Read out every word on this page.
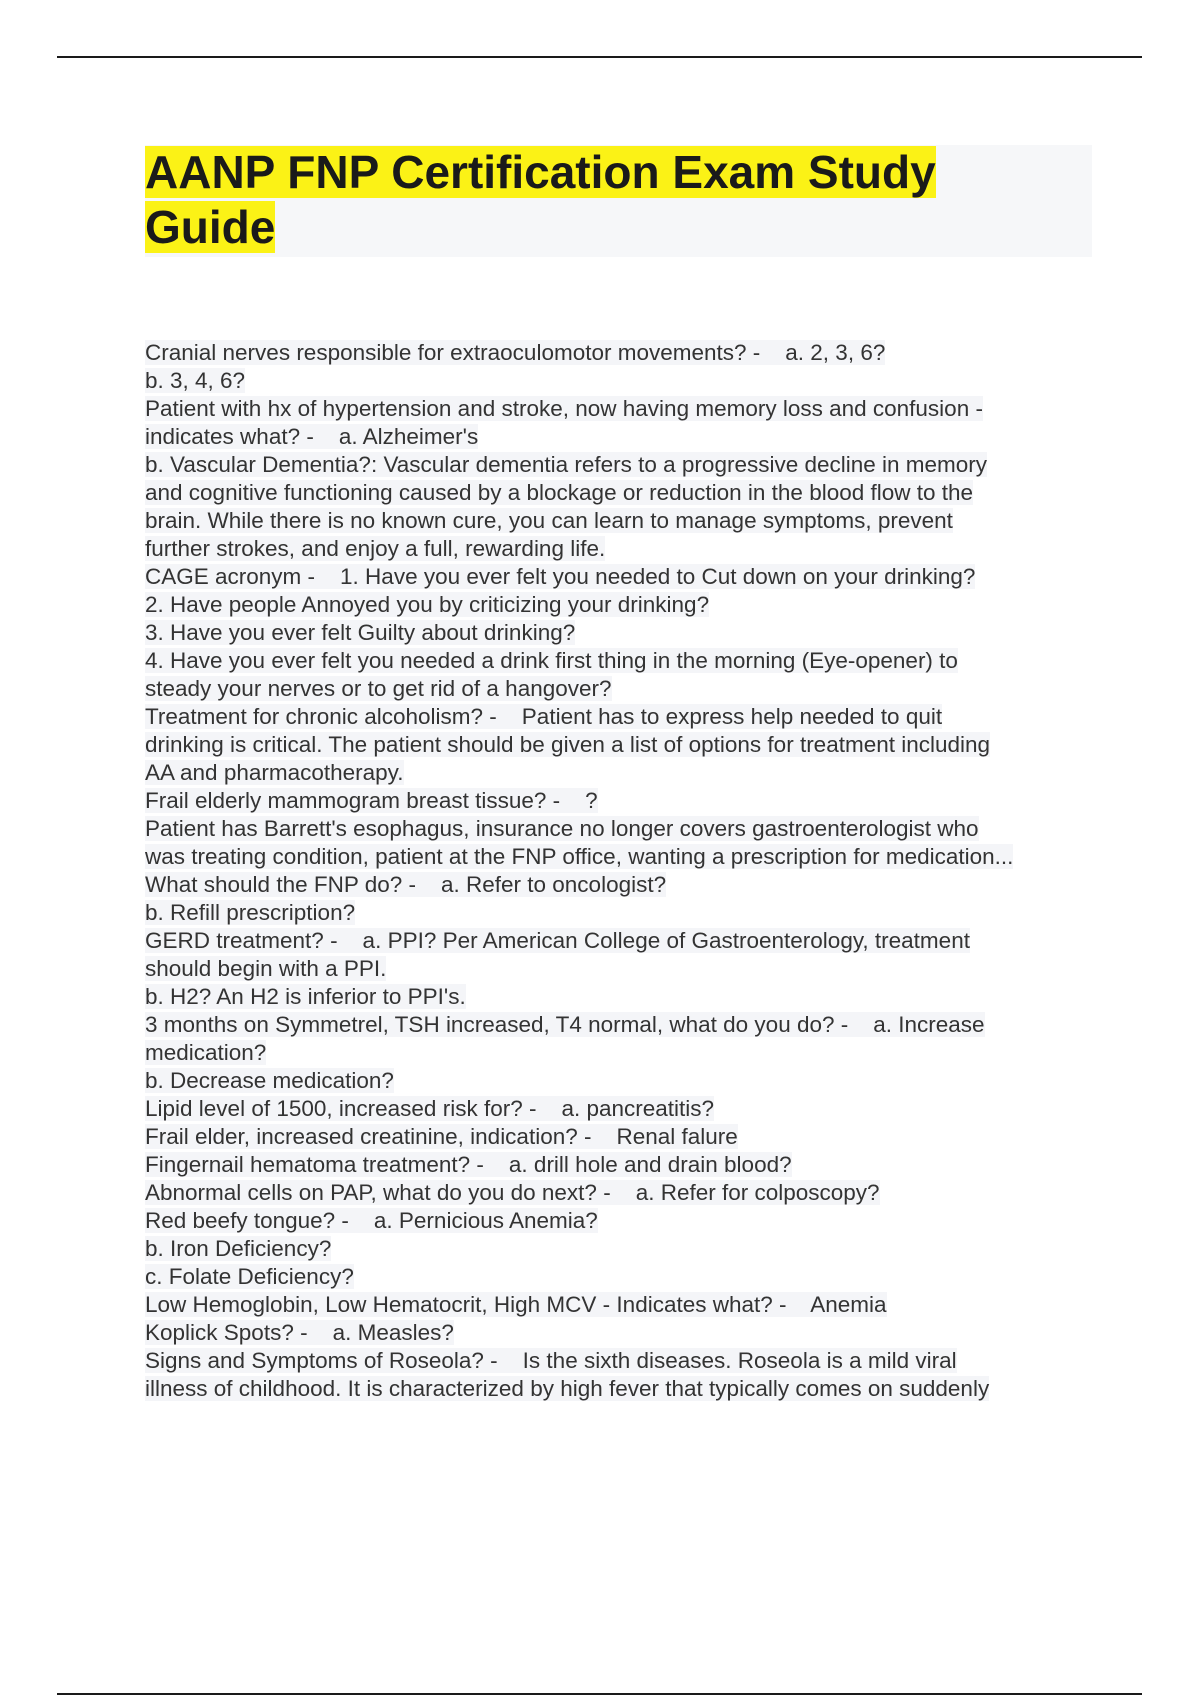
AANP FNP Certification Exam Study
Guide
Cranial nerves responsible for extraoculomotor movements? -    a. 2, 3, 6?
b. 3, 4, 6?
Patient with hx of hypertension and stroke, now having memory loss and confusion -
indicates what? -    a. Alzheimer's
b. Vascular Dementia?: Vascular dementia refers to a progressive decline in memory
and cognitive functioning caused by a blockage or reduction in the blood flow to the
brain. While there is no known cure, you can learn to manage symptoms, prevent
further strokes, and enjoy a full, rewarding life.
CAGE acronym -    1. Have you ever felt you needed to Cut down on your drinking?
2. Have people Annoyed you by criticizing your drinking?
3. Have you ever felt Guilty about drinking?
4. Have you ever felt you needed a drink first thing in the morning (Eye-opener) to
steady your nerves or to get rid of a hangover?
Treatment for chronic alcoholism? -    Patient has to express help needed to quit
drinking is critical. The patient should be given a list of options for treatment including
AA and pharmacotherapy.
Frail elderly mammogram breast tissue? -    ?
Patient has Barrett's esophagus, insurance no longer covers gastroenterologist who
was treating condition, patient at the FNP office, wanting a prescription for medication...
What should the FNP do? -    a. Refer to oncologist?
b. Refill prescription?
GERD treatment? -    a. PPI? Per American College of Gastroenterology, treatment
should begin with a PPI.
b. H2? An H2 is inferior to PPI's.
3 months on Symmetrel, TSH increased, T4 normal, what do you do? -    a. Increase
medication?
b. Decrease medication?
Lipid level of 1500, increased risk for? -    a. pancreatitis?
Frail elder, increased creatinine, indication? -    Renal falure
Fingernail hematoma treatment? -    a. drill hole and drain blood?
Abnormal cells on PAP, what do you do next? -    a. Refer for colposcopy?
Red beefy tongue? -    a. Pernicious Anemia?
b. Iron Deficiency?
c. Folate Deficiency?
Low Hemoglobin, Low Hematocrit, High MCV - Indicates what? -    Anemia
Koplick Spots? -    a. Measles?
Signs and Symptoms of Roseola? -    Is the sixth diseases. Roseola is a mild viral
illness of childhood. It is characterized by high fever that typically comes on suddenly
